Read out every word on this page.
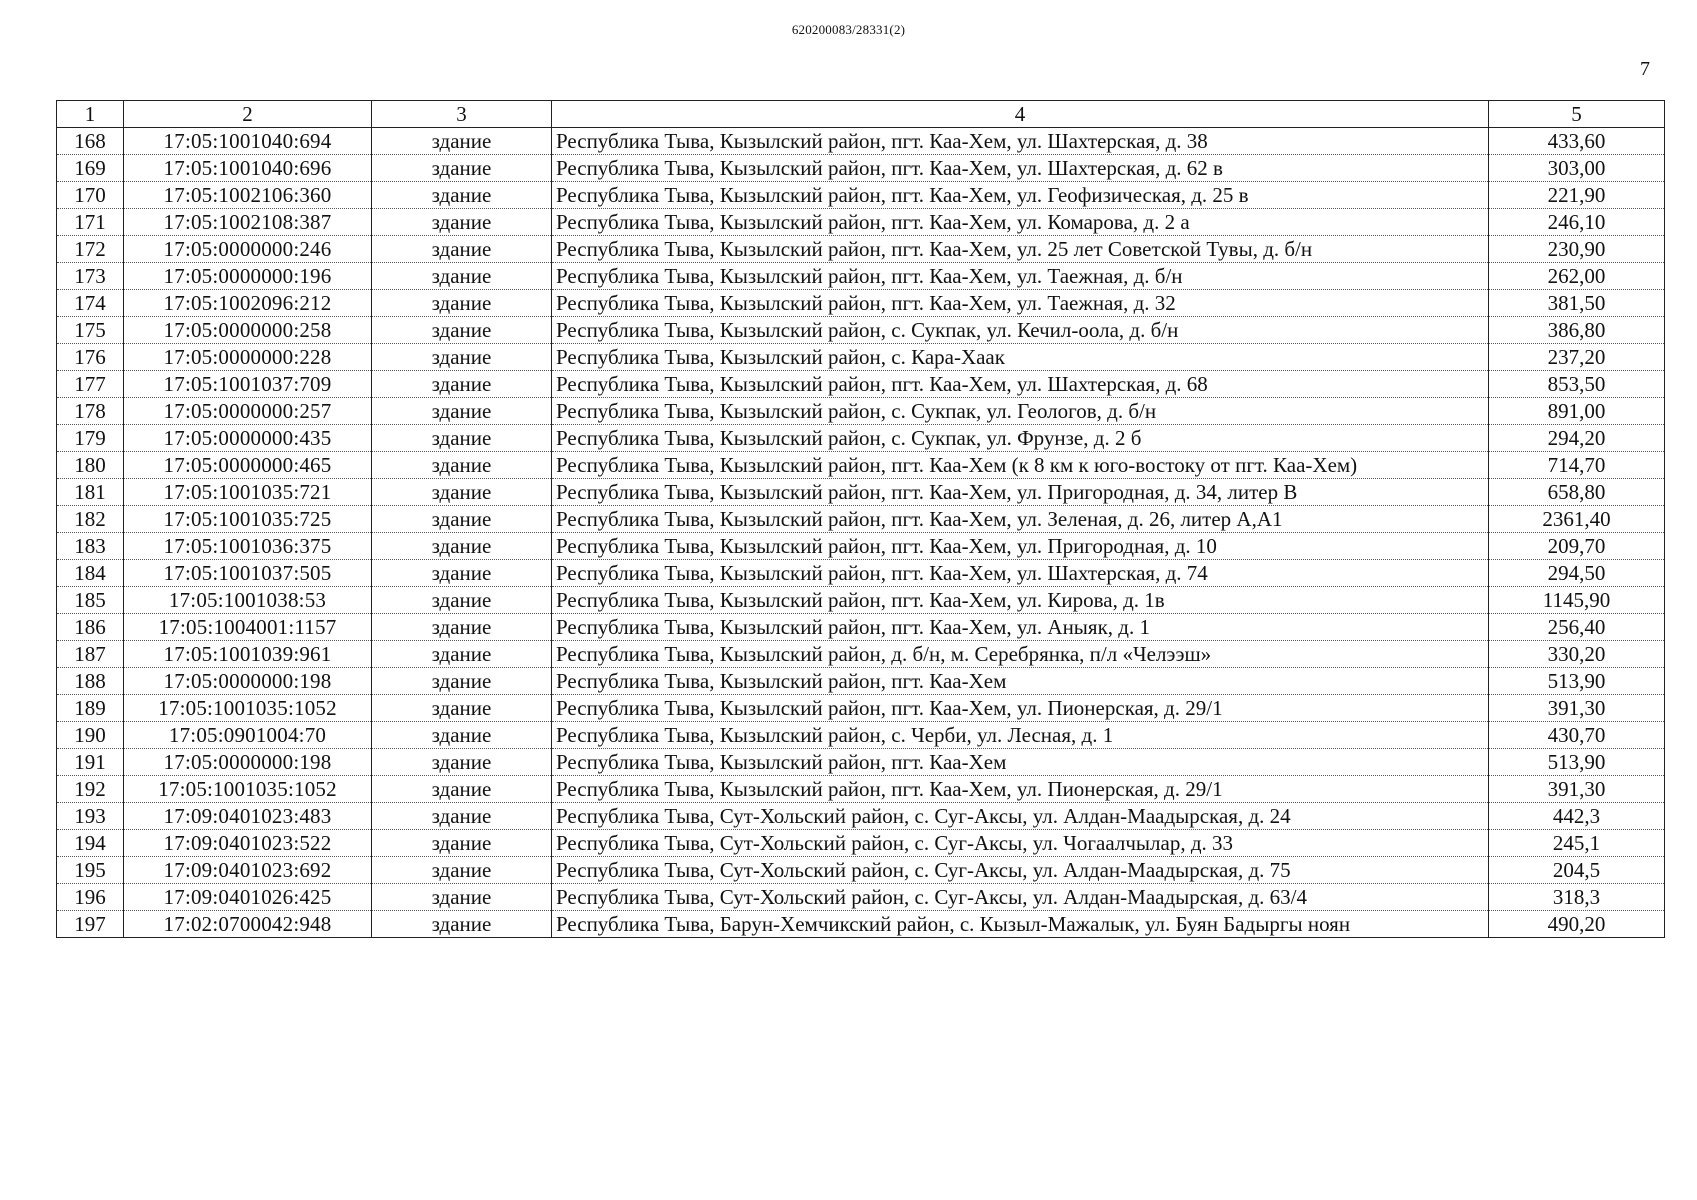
620200083/28331(2)
7
1	2	3	4	5
168	17:05:1001040:694	здание	Республика Тыва, Кызылский район, пгт. Каа-Хем, ул. Шахтерская, д. 38	433,60
169	17:05:1001040:696	здание	Республика Тыва, Кызылский район, пгт. Каа-Хем, ул. Шахтерская, д. 62 в	303,00
170	17:05:1002106:360	здание	Республика Тыва, Кызылский район, пгт. Каа-Хем, ул. Геофизическая, д. 25 в	221,90
171	17:05:1002108:387	здание	Республика Тыва, Кызылский район, пгт. Каа-Хем, ул. Комарова, д. 2 а	246,10
172	17:05:0000000:246	здание	Республика Тыва, Кызылский район, пгт. Каа-Хем, ул. 25 лет Советской Тувы, д. б/н	230,90
173	17:05:0000000:196	здание	Республика Тыва, Кызылский район, пгт. Каа-Хем, ул. Таежная, д. б/н	262,00
174	17:05:1002096:212	здание	Республика Тыва, Кызылский район, пгт. Каа-Хем, ул. Таежная, д. 32	381,50
175	17:05:0000000:258	здание	Республика Тыва, Кызылский район, с. Сукпак, ул. Кечил-оола, д. б/н	386,80
176	17:05:0000000:228	здание	Республика Тыва, Кызылский район, с. Кара-Хаак	237,20
177	17:05:1001037:709	здание	Республика Тыва, Кызылский район, пгт. Каа-Хем, ул. Шахтерская, д. 68	853,50
178	17:05:0000000:257	здание	Республика Тыва, Кызылский район, с. Сукпак, ул. Геологов, д. б/н	891,00
179	17:05:0000000:435	здание	Республика Тыва, Кызылский район, с. Сукпак, ул. Фрунзе, д. 2 б	294,20
180	17:05:0000000:465	здание	Республика Тыва, Кызылский район, пгт. Каа-Хем (к 8 км к юго-востоку от пгт. Каа-Хем)	714,70
181	17:05:1001035:721	здание	Республика Тыва, Кызылский район, пгт. Каа-Хем, ул. Пригородная, д. 34, литер В	658,80
182	17:05:1001035:725	здание	Республика Тыва, Кызылский район, пгт. Каа-Хем, ул. Зеленая, д. 26, литер А,А1	2361,40
183	17:05:1001036:375	здание	Республика Тыва, Кызылский район, пгт. Каа-Хем, ул. Пригородная, д. 10	209,70
184	17:05:1001037:505	здание	Республика Тыва, Кызылский район, пгт. Каа-Хем, ул. Шахтерская, д. 74	294,50
185	17:05:1001038:53	здание	Республика Тыва, Кызылский район, пгт. Каа-Хем, ул. Кирова, д. 1в	1145,90
186	17:05:1004001:1157	здание	Республика Тыва, Кызылский район, пгт. Каа-Хем, ул. Аныяк, д. 1	256,40
187	17:05:1001039:961	здание	Республика Тыва, Кызылский район, д. б/н, м. Серебрянка, п/л «Челээш»	330,20
188	17:05:0000000:198	здание	Республика Тыва, Кызылский район, пгт. Каа-Хем	513,90
189	17:05:1001035:1052	здание	Республика Тыва, Кызылский район, пгт. Каа-Хем, ул. Пионерская, д. 29/1	391,30
190	17:05:0901004:70	здание	Республика Тыва, Кызылский район, с. Черби, ул. Лесная, д. 1	430,70
191	17:05:0000000:198	здание	Республика Тыва, Кызылский район, пгт. Каа-Хем	513,90
192	17:05:1001035:1052	здание	Республика Тыва, Кызылский район, пгт. Каа-Хем, ул. Пионерская, д. 29/1	391,30
193	17:09:0401023:483	здание	Республика Тыва, Сут-Хольский район, с. Суг-Аксы, ул. Алдан-Маадырская, д. 24	442,3
194	17:09:0401023:522	здание	Республика Тыва, Сут-Хольский район, с. Суг-Аксы, ул. Чогаалчылар, д. 33	245,1
195	17:09:0401023:692	здание	Республика Тыва, Сут-Хольский район, с. Суг-Аксы, ул. Алдан-Маадырская, д. 75	204,5
196	17:09:0401026:425	здание	Республика Тыва, Сут-Хольский район, с. Суг-Аксы, ул. Алдан-Маадырская, д. 63/4	318,3
197	17:02:0700042:948	здание	Республика Тыва, Барун-Хемчикский район, с. Кызыл-Мажалык, ул. Буян Бадыргы ноян	490,20
